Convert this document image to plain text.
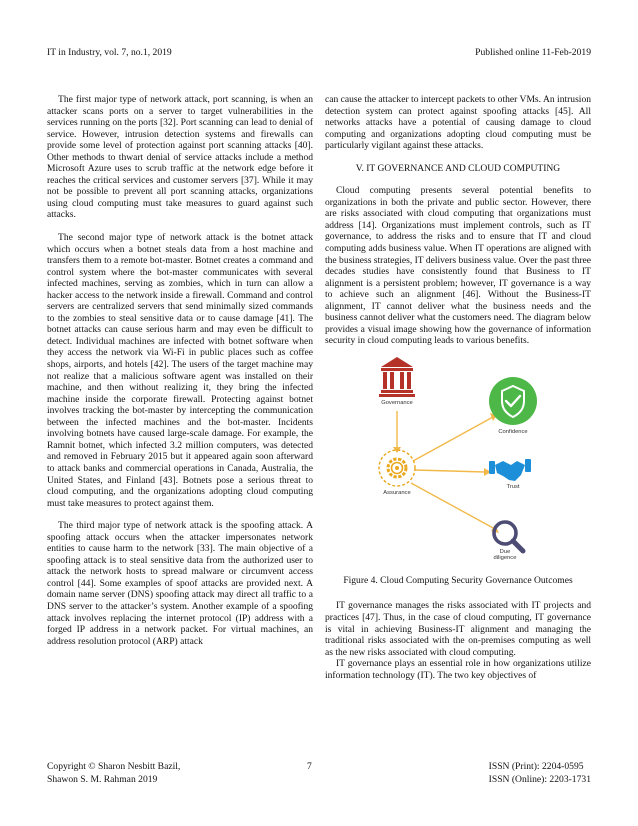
IT in Industry, vol. 7, no.1, 2019	Published online 11-Feb-2019

The first major type of network attack, port scanning, is when an attacker scans ports on a server to target vulnerabilities in the services running on the ports [32]. Port scanning can lead to denial of service. However, intrusion detection systems and firewalls can provide some level of protection against port scanning attacks [40]. Other methods to thwart denial of service attacks include a method Microsoft Azure uses to scrub traffic at the network edge before it reaches the critical services and customer servers [37]. While it may not be possible to prevent all port scanning attacks, organizations using cloud computing must take measures to guard against such attacks.

The second major type of network attack is the botnet attack which occurs when a botnet steals data from a host machine and transfers them to a remote bot-master. Botnet creates a command and control system where the bot-master communicates with several infected machines, serving as zombies, which in turn can allow a hacker access to the network inside a firewall. Command and control servers are centralized servers that send minimally sized commands to the zombies to steal sensitive data or to cause damage [41]. The botnet attacks can cause serious harm and may even be difficult to detect. Individual machines are infected with botnet software when they access the network via Wi-Fi in public places such as coffee shops, airports, and hotels [42]. The users of the target machine may not realize that a malicious software agent was installed on their machine, and then without realizing it, they bring the infected machine inside the corporate firewall. Protecting against botnet involves tracking the bot-master by intercepting the communication between the infected machines and the bot-master. Incidents involving botnets have caused large-scale damage. For example, the Ramnit botnet, which infected 3.2 million computers, was detected and removed in February 2015 but it appeared again soon afterward to attack banks and commercial operations in Canada, Australia, the United States, and Finland [43]. Botnets pose a serious threat to cloud computing, and the organizations adopting cloud computing must take measures to protect against them.

The third major type of network attack is the spoofing attack. A spoofing attack occurs when the attacker impersonates network entities to cause harm to the network [33]. The main objective of a spoofing attack is to steal sensitive data from the authorized user to attack the network hosts to spread malware or circumvent access control [44]. Some examples of spoof attacks are provided next. A domain name server (DNS) spoofing attack may direct all traffic to a DNS server to the attacker’s system. Another example of a spoofing attack involves replacing the internet protocol (IP) address with a forged IP address in a network packet. For virtual machines, an address resolution protocol (ARP) attack

can cause the attacker to intercept packets to other VMs. An intrusion detection system can protect against spoofing attacks [45]. All networks attacks have a potential of causing damage to cloud computing and organizations adopting cloud computing must be particularly vigilant against these attacks.

V. IT GOVERNANCE AND CLOUD COMPUTING

Cloud computing presents several potential benefits to organizations in both the private and public sector. However, there are risks associated with cloud computing that organizations must address [14]. Organizations must implement controls, such as IT governance, to address the risks and to ensure that IT and cloud computing adds business value. When IT operations are aligned with the business strategies, IT delivers business value. Over the past three decades studies have consistently found that Business to IT alignment is a persistent problem; however, IT governance is a way to achieve such an alignment [46]. Without the Business-IT alignment, IT cannot deliver what the business needs and the business cannot deliver what the customers need. The diagram below provides a visual image showing how the governance of information security in cloud computing leads to various benefits.

Governance
Confidence
Assurance
Trust
Due
diligence
Figure 4. Cloud Computing Security Governance Outcomes

IT governance manages the risks associated with IT projects and practices [47]. Thus, in the case of cloud computing, IT governance is vital in achieving Business-IT alignment and managing the traditional risks associated with the on-premises computing as well as the new risks associated with cloud computing.

IT governance plays an essential role in how organizations utilize information technology (IT). The two key objectives of

Copyright © Sharon Nesbitt Bazil,
Shawon S. M. Rahman 2019
7	ISSN (Print): 2204-0595
ISSN (Online): 2203-1731
